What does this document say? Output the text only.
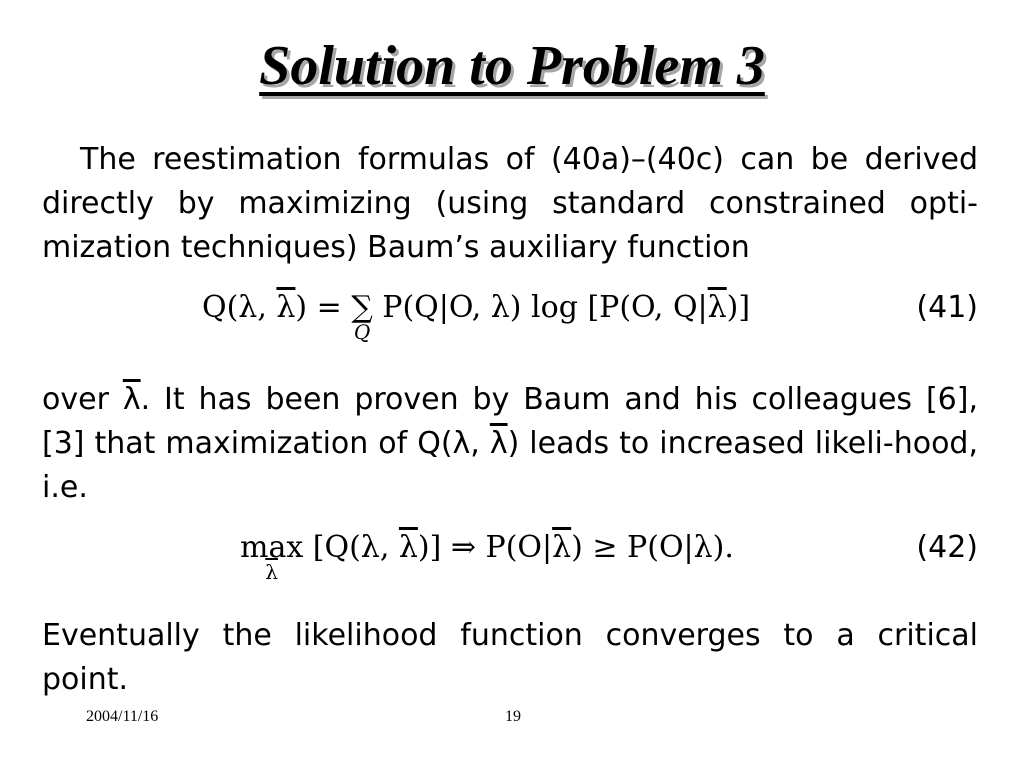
Solution to Problem 3
The reestimation formulas of (40a)–(40c) can be derived directly by maximizing (using standard constrained opti-mization techniques) Baum’s auxiliary function
Q(λ, $\overline{\lambda}$) = ∑
Q
P(Q|O, λ) log [P(O, $Q|\overline{\lambda}$)]	(41)
over $\overline{\lambda}$. It has been proven by Baum and his colleagues [6], [3] that maximization of Q(λ, $\overline{\lambda}$) leads to increased likeli-hood, i.e.
max
$\overline{\lambda}$
[Q(λ, $\overline{\lambda}$)] ⇒ $P(O|\overline{\lambda}) \ge P(O|\lambda)$.	(42)
Eventually the likelihood function converges to a critical point.
2004/11/16	19
